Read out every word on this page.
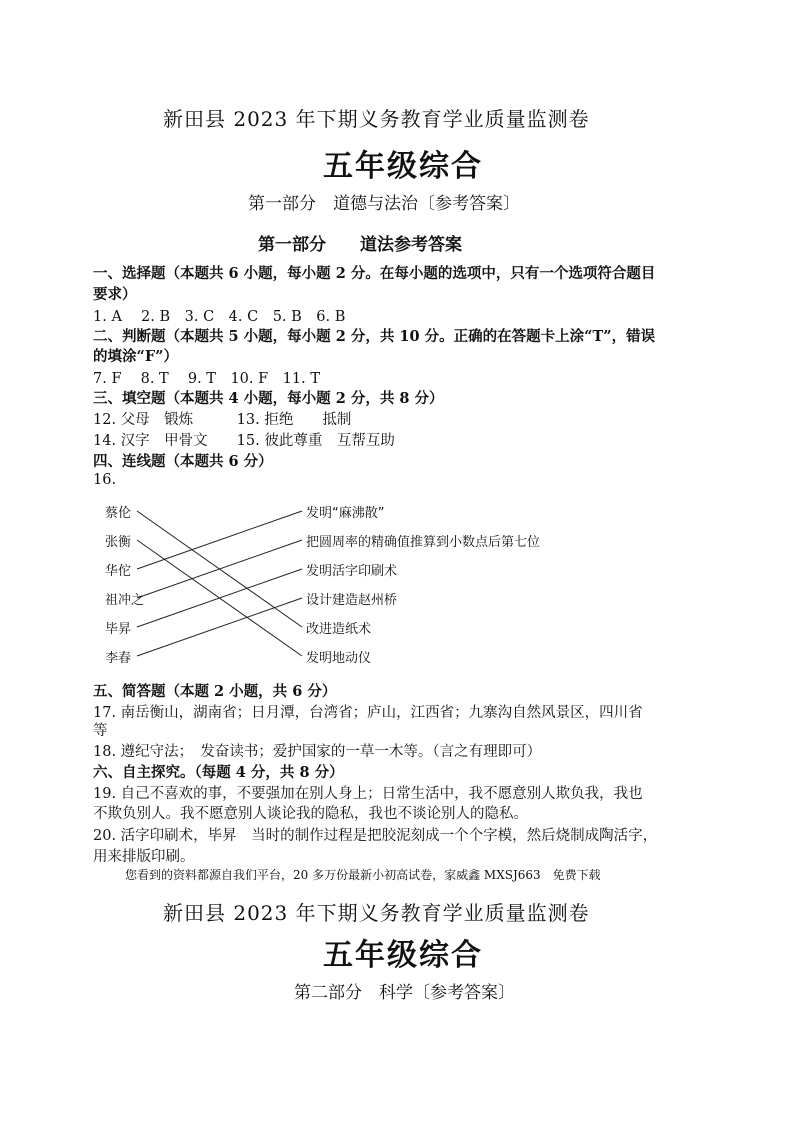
新田县 2023 年下期义务教育学业质量监测卷
五年级综合
第一部分　道德与法治〔参考答案〕
第一部分　　道法参考答案
一、选择题（本题共 6 小题，每小题 2 分。在每小题的选项中，只有一个选项符合题目
要求）
1. A　 2. B　3. C　4. C　5. B　6. B
二、判断题（本题共 5 小题，每小题 2 分，共 10 分。正确的在答题卡上涂“T”，错误
的填涂“F”）
7. F　 8. T　 9. T　10. F　11. T
三、填空题（本题共 4 小题，每小题 2 分，共 8 分）
12. 父母　锻炼　　　13. 拒绝　　抵制
14. 汉字　甲骨文　　15. 彼此尊重　互帮互助
四、连线题（本题共 6 分）
16.
蔡伦
张衡
华佗
祖冲之
毕昇
李春
发明“麻沸散”
把圆周率的精确值推算到小数点后第七位
发明活字印刷术
设计建造赵州桥
改进造纸术
发明地动仪
五、简答题（本题 2 小题，共 6 分）
17. 南岳衡山，湖南省；日月潭，台湾省；庐山，江西省；九寨沟自然风景区，四川省
等
18. 遵纪守法；　发奋读书；爱护国家的一草一木等。（言之有理即可）
六、自主探究。（每题 4 分，共 8 分）
19. 自己不喜欢的事，不要强加在别人身上；日常生活中，我不愿意别人欺负我，我也
不欺负别人。我不愿意别人谈论我的隐私，我也不谈论别人的隐私。
20. 活字印刷术，毕昇　当时的制作过程是把胶泥刻成一个个字模，然后烧制成陶活字，
用来排版印刷。
您看到的资料都源自我们平台，20 多万份最新小初高试卷，家威鑫 MXSJ663　免费下载
新田县 2023 年下期义务教育学业质量监测卷
五年级综合
第二部分　科学〔参考答案〕
